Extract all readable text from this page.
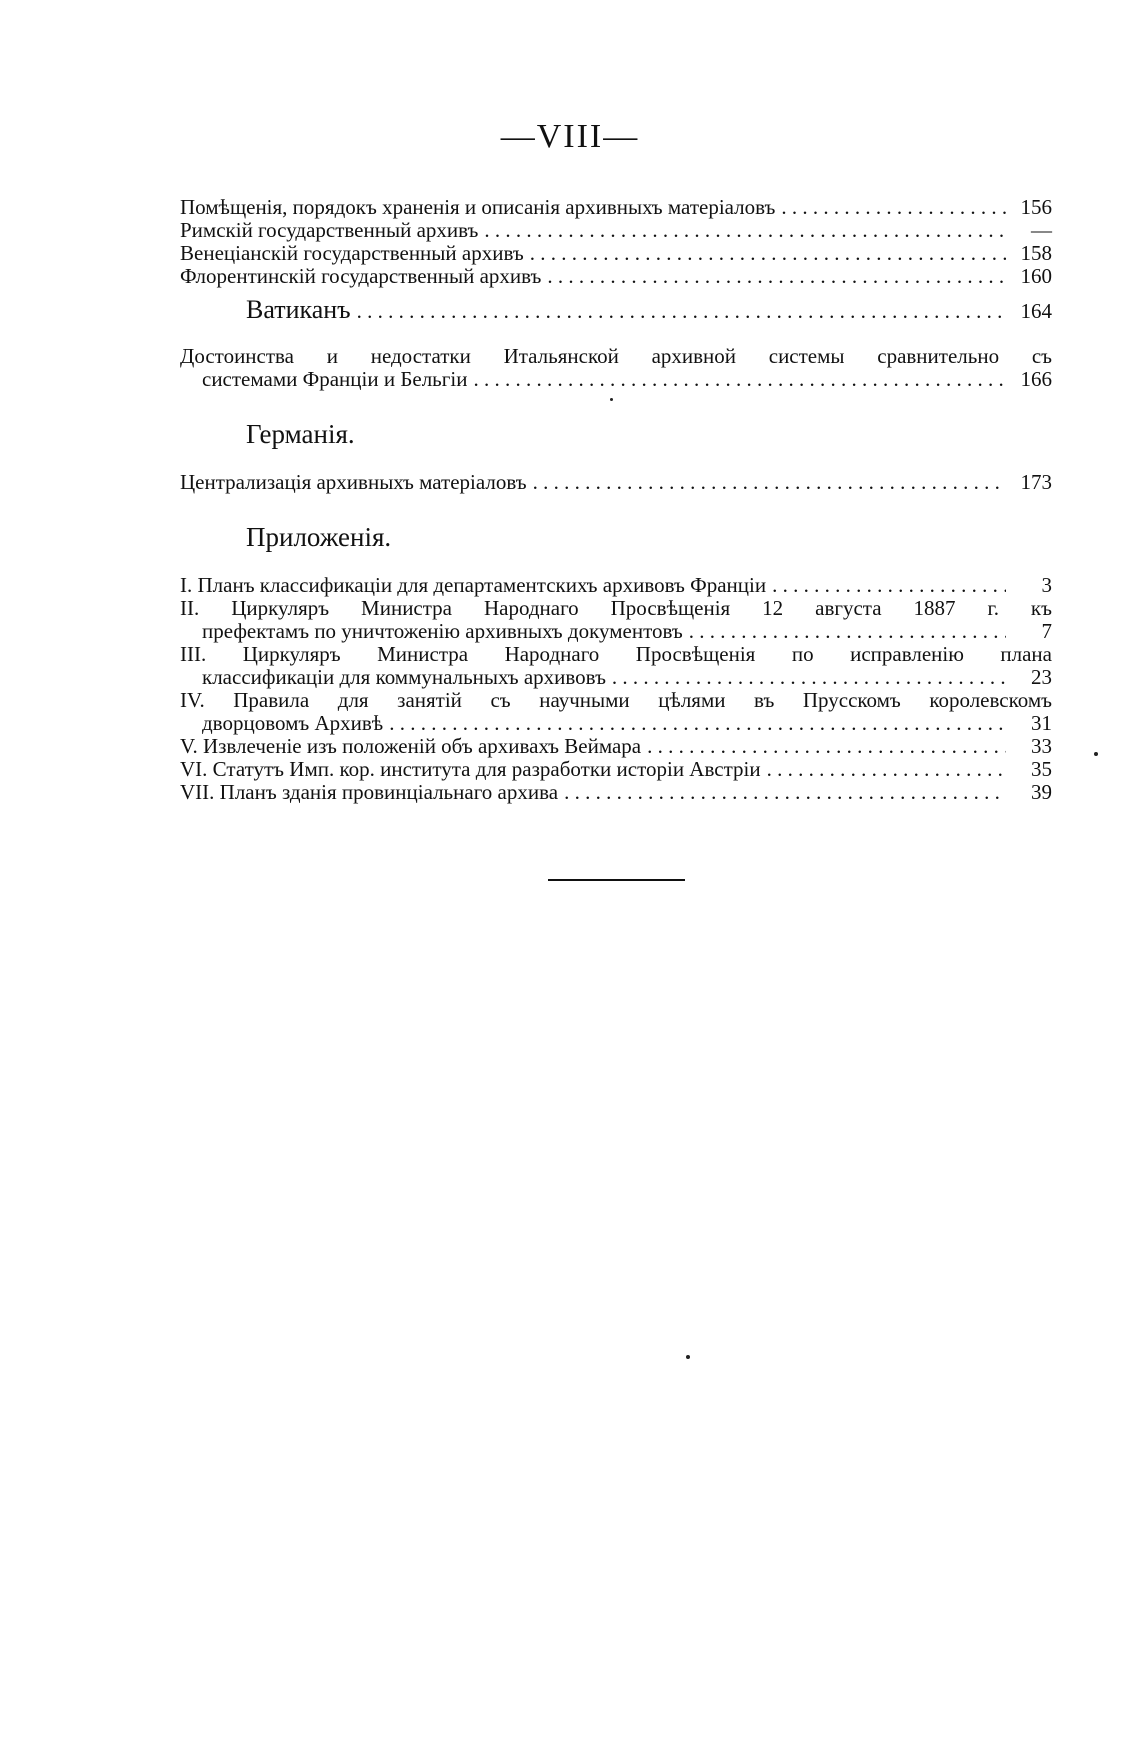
—VIII—
Помѣщенія, порядокъ храненія и описанія архивныхъ матеріаловъ . . .	156
Римскій государственный архивъ . . .	—
Венеціанскій государственный архивъ . . .	158
Флорентинскій государственный архивъ . . .	160
Ватиканъ . . .	164
Достоинства и недостатки Итальянской архивной системы сравнительно съ
системами Франціи и Бельгіи . . .	166
Германія.
Централизація архивныхъ матеріаловъ . . .	173
Приложенія.
I. Планъ классификаціи для департаментскихъ архивовъ Франціи . . .	3
II. Циркуляръ Министра Народнаго Просвѣщенія 12 августа 1887 г. къ
префектамъ по уничтоженію архивныхъ документовъ . . .	7
III. Циркуляръ Министра Народнаго Просвѣщенія по исправленію плана
классификаціи для коммунальныхъ архивовъ . . .	23
IV. Правила для занятій съ научными цѣлями въ Прусскомъ королевскомъ
дворцовомъ Архивѣ . . .	31
V. Извлеченіе изъ положеній объ архивахъ Веймара . . .	33
VI. Статутъ Имп. кор. института для разработки исторіи Австріи . . .	35
VII. Планъ зданія провинціальнаго архива . . .	39
